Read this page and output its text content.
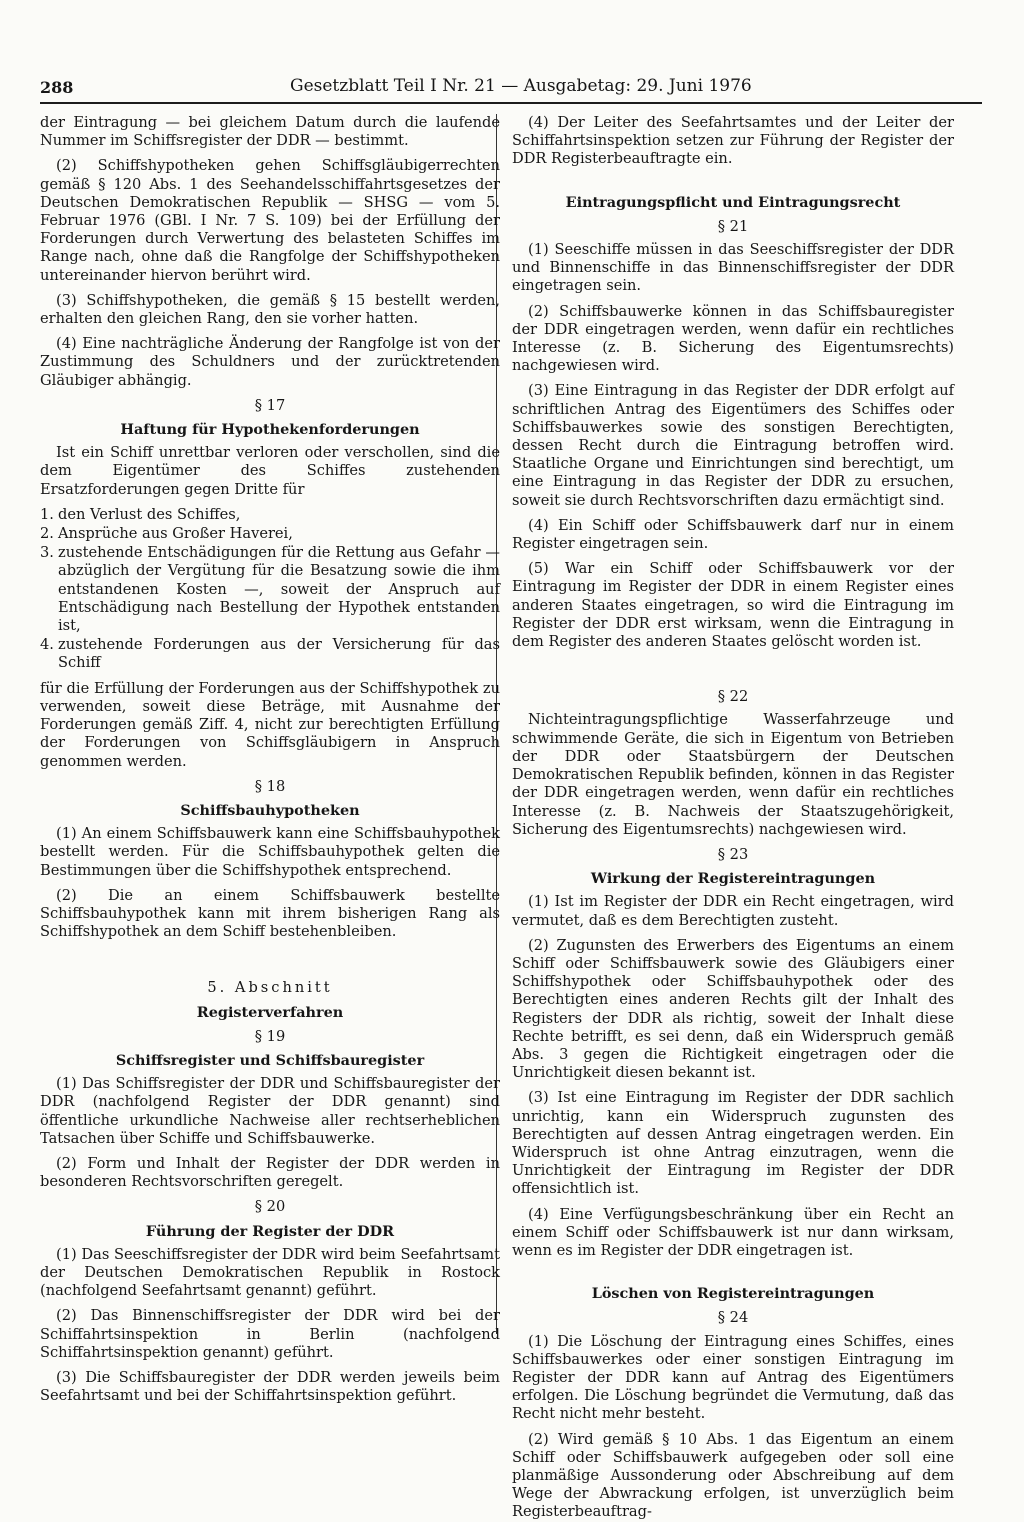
288	Gesetzblatt Teil I Nr. 21 — Ausgabetag: 29. Juni 1976

der Eintragung — bei gleichem Datum durch die laufende Nummer im Schiffsregister der DDR — bestimmt.

(2) Schiffshypotheken gehen Schiffsgläubigerrechten gemäß § 120 Abs. 1 des Seehandelsschiffahrtsgesetzes der Deutschen Demokratischen Republik — SHSG — vom 5. Februar 1976 (GBl. I Nr. 7 S. 109) bei der Erfüllung der Forderungen durch Verwertung des belasteten Schiffes im Range nach, ohne daß die Rangfolge der Schiffshypotheken untereinander hiervon berührt wird.

(3) Schiffshypotheken, die gemäß § 15 bestellt werden, erhalten den gleichen Rang, den sie vorher hatten.

(4) Eine nachträgliche Änderung der Rangfolge ist von der Zustimmung des Schuldners und der zurücktretenden Gläubiger abhängig.

§ 17
Haftung für Hypothekenforderungen

Ist ein Schiff unrettbar verloren oder verschollen, sind die dem Eigentümer des Schiffes zustehenden Ersatzforderungen gegen Dritte für

1. den Verlust des Schiffes,
2. Ansprüche aus Großer Haverei,
3. zustehende Entschädigungen für die Rettung aus Gefahr — abzüglich der Vergütung für die Besatzung sowie die ihm entstandenen Kosten —, soweit der Anspruch auf Entschädigung nach Bestellung der Hypothek entstanden ist,
4. zustehende Forderungen aus der Versicherung für das Schiff

für die Erfüllung der Forderungen aus der Schiffshypothek zu verwenden, soweit diese Beträge, mit Ausnahme der Forderungen gemäß Ziff. 4, nicht zur berechtigten Erfüllung der Forderungen von Schiffsgläubigern in Anspruch genommen werden.

§ 18
Schiffsbauhypotheken

(1) An einem Schiffsbauwerk kann eine Schiffsbauhypothek bestellt werden. Für die Schiffsbauhypothek gelten die Bestimmungen über die Schiffshypothek entsprechend.

(2) Die an einem Schiffsbauwerk bestellte Schiffsbauhypothek kann mit ihrem bisherigen Rang als Schiffshypothek an dem Schiff bestehenbleiben.

5. Abschnitt
Registerverfahren
§ 19
Schiffsregister und Schiffsbauregister

(1) Das Schiffsregister der DDR und Schiffsbauregister der DDR (nachfolgend Register der DDR genannt) sind öffentliche urkundliche Nachweise aller rechtserheblichen Tatsachen über Schiffe und Schiffsbauwerke.

(2) Form und Inhalt der Register der DDR werden in besonderen Rechtsvorschriften geregelt.

§ 20
Führung der Register der DDR

(1) Das Seeschiffsregister der DDR wird beim Seefahrtsamt der Deutschen Demokratischen Republik in Rostock (nachfolgend Seefahrtsamt genannt) geführt.

(2) Das Binnenschiffsregister der DDR wird bei der Schiffahrtsinspektion in Berlin (nachfolgend Schiffahrtsinspektion genannt) geführt.

(3) Die Schiffsbauregister der DDR werden jeweils beim Seefahrtsamt und bei der Schiffahrtsinspektion geführt.

(4) Der Leiter des Seefahrtsamtes und der Leiter der Schiffahrtsinspektion setzen zur Führung der Register der DDR Registerbeauftragte ein.

Eintragungspflicht und Eintragungsrecht
§ 21

(1) Seeschiffe müssen in das Seeschiffsregister der DDR und Binnenschiffe in das Binnenschiffsregister der DDR eingetragen sein.

(2) Schiffsbauwerke können in das Schiffsbauregister der DDR eingetragen werden, wenn dafür ein rechtliches Interesse (z. B. Sicherung des Eigentumsrechts) nachgewiesen wird.

(3) Eine Eintragung in das Register der DDR erfolgt auf schriftlichen Antrag des Eigentümers des Schiffes oder Schiffsbauwerkes sowie des sonstigen Berechtigten, dessen Recht durch die Eintragung betroffen wird. Staatliche Organe und Einrichtungen sind berechtigt, um eine Eintragung in das Register der DDR zu ersuchen, soweit sie durch Rechtsvorschriften dazu ermächtigt sind.

(4) Ein Schiff oder Schiffsbauwerk darf nur in einem Register eingetragen sein.

(5) War ein Schiff oder Schiffsbauwerk vor der Eintragung im Register der DDR in einem Register eines anderen Staates eingetragen, so wird die Eintragung im Register der DDR erst wirksam, wenn die Eintragung in dem Register des anderen Staates gelöscht worden ist.

§ 22

Nichteintragungspflichtige Wasserfahrzeuge und schwimmende Geräte, die sich in Eigentum von Betrieben der DDR oder Staatsbürgern der Deutschen Demokratischen Republik befinden, können in das Register der DDR eingetragen werden, wenn dafür ein rechtliches Interesse (z. B. Nachweis der Staatszugehörigkeit, Sicherung des Eigentumsrechts) nachgewiesen wird.

§ 23
Wirkung der Registereintragungen

(1) Ist im Register der DDR ein Recht eingetragen, wird vermutet, daß es dem Berechtigten zusteht.

(2) Zugunsten des Erwerbers des Eigentums an einem Schiff oder Schiffsbauwerk sowie des Gläubigers einer Schiffshypothek oder Schiffsbauhypothek oder des Berechtigten eines anderen Rechts gilt der Inhalt des Registers der DDR als richtig, soweit der Inhalt diese Rechte betrifft, es sei denn, daß ein Widerspruch gemäß Abs. 3 gegen die Richtigkeit eingetragen oder die Unrichtigkeit diesen bekannt ist.

(3) Ist eine Eintragung im Register der DDR sachlich unrichtig, kann ein Widerspruch zugunsten des Berechtigten auf dessen Antrag eingetragen werden. Ein Widerspruch ist ohne Antrag einzutragen, wenn die Unrichtigkeit der Eintragung im Register der DDR offensichtlich ist.

(4) Eine Verfügungsbeschränkung über ein Recht an einem Schiff oder Schiffsbauwerk ist nur dann wirksam, wenn es im Register der DDR eingetragen ist.

Löschen von Registereintragungen
§ 24

(1) Die Löschung der Eintragung eines Schiffes, eines Schiffsbauwerkes oder einer sonstigen Eintragung im Register der DDR kann auf Antrag des Eigentümers erfolgen. Die Löschung begründet die Vermutung, daß das Recht nicht mehr besteht.

(2) Wird gemäß § 10 Abs. 1 das Eigentum an einem Schiff oder Schiffsbauwerk aufgegeben oder soll eine planmäßige Aussonderung oder Abschreibung auf dem Wege der Abwrackung erfolgen, ist unverzüglich beim Registerbeauftrag-
